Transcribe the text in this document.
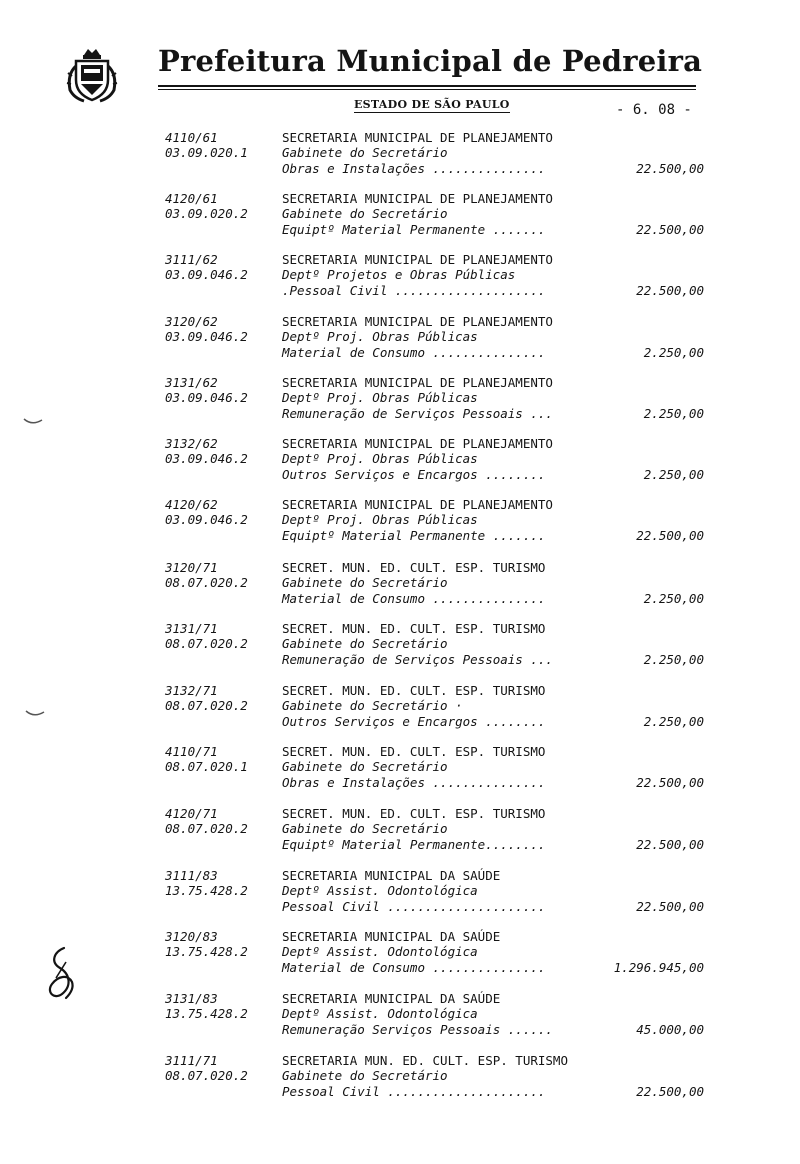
Prefeitura Municipal de Pedreira
ESTADO DE SÃO PAULO	- 6. 08 -
4110/61
03.09.020.1
SECRETARIA MUNICIPAL DE PLANEJAMENTO
Gabinete do Secretário
Obras e Instalações ...............	22.500,00
4120/61
03.09.020.2
SECRETARIA MUNICIPAL DE PLANEJAMENTO
Gabinete do Secretário
Equiptº Material Permanente .......	22.500,00
3111/62
03.09.046.2
SECRETARIA MUNICIPAL DE PLANEJAMENTO
Deptº Projetos e Obras Públicas
.Pessoal Civil ....................	22.500,00
3120/62
03.09.046.2
SECRETARIA MUNICIPAL DE PLANEJAMENTO
Deptº Proj. Obras Públicas
Material de Consumo ...............	2.250,00
3131/62
03.09.046.2
SECRETARIA MUNICIPAL DE PLANEJAMENTO
Deptº Proj. Obras Públicas
Remuneração de Serviços Pessoais ...	2.250,00
3132/62
03.09.046.2
SECRETARIA MUNICIPAL DE PLANEJAMENTO
Deptº Proj. Obras Públicas
Outros Serviços e Encargos ........	2.250,00
4120/62
03.09.046.2
SECRETARIA MUNICIPAL DE PLANEJAMENTO
Deptº Proj. Obras Públicas
Equiptº Material Permanente .......	22.500,00
3120/71
08.07.020.2
SECRET. MUN. ED. CULT. ESP. TURISMO
Gabinete do Secretário
Material de Consumo ...............	2.250,00
3131/71
08.07.020.2
SECRET. MUN. ED. CULT. ESP. TURISMO
Gabinete do Secretário
Remuneração de Serviços Pessoais ...	2.250,00
3132/71
08.07.020.2
SECRET. MUN. ED. CULT. ESP. TURISMO
Gabinete do Secretário ·
Outros Serviços e Encargos ........	2.250,00
4110/71
08.07.020.1
SECRET. MUN. ED. CULT. ESP. TURISMO
Gabinete do Secretário
Obras e Instalações ...............	22.500,00
4120/71
08.07.020.2
SECRET. MUN. ED. CULT. ESP. TURISMO
Gabinete do Secretário
Equiptº Material Permanente........	22.500,00
3111/83
13.75.428.2
SECRETARIA MUNICIPAL DA SAÚDE
Deptº Assist. Odontológica
Pessoal Civil .....................	22.500,00
3120/83
13.75.428.2
SECRETARIA MUNICIPAL DA SAÚDE
Deptº Assist. Odontológica
Material de Consumo ...............	1.296.945,00
3131/83
13.75.428.2
SECRETARIA MUNICIPAL DA SAÚDE
Deptº Assist. Odontológica
Remuneração Serviços Pessoais ......	45.000,00
3111/71
08.07.020.2
SECRETARIA MUN. ED. CULT. ESP. TURISMO
Gabinete do Secretário
Pessoal Civil .....................	22.500,00
